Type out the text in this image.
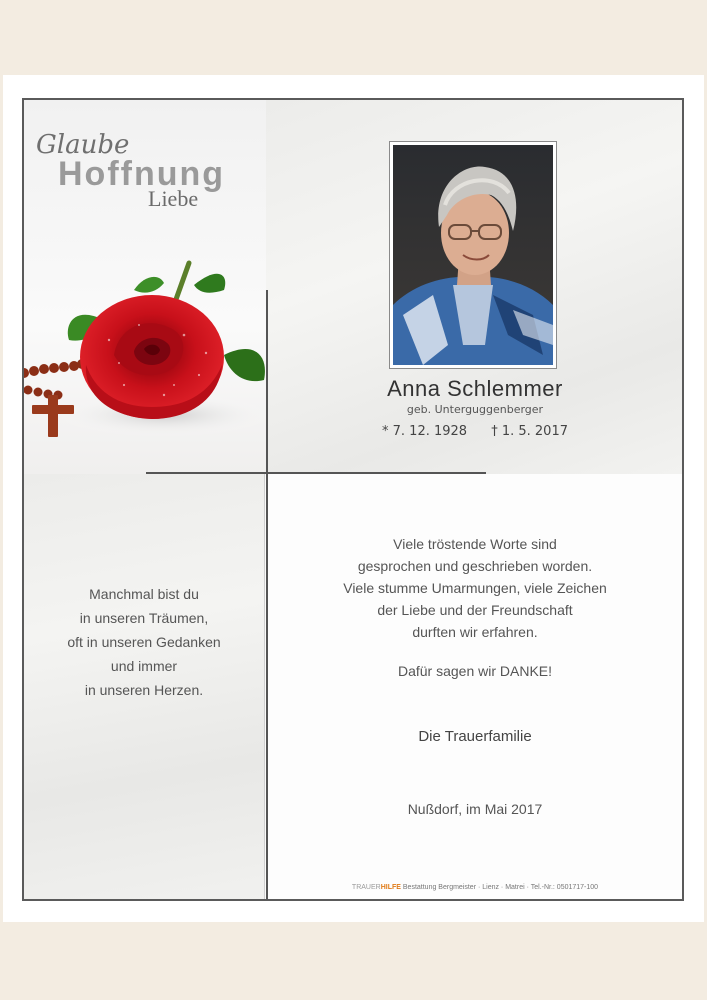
Glaube
Hoffnung
Liebe
Anna Schlemmer
geb. Unterguggenberger
* 7. 12. 1928 † 1. 5. 2017
Manchmal bist du
in unseren Träumen,
oft in unseren Gedanken
und immer
in unseren Herzen.
Viele tröstende Worte sind
gesprochen und geschrieben worden.
Viele stumme Umarmungen, viele Zeichen
der Liebe und der Freundschaft
durften wir erfahren.
Dafür sagen wir DANKE!
Die Trauerfamilie
Nußdorf, im Mai 2017
TRAUERHILFE Bestattung Bergmeister · Lienz · Matrei · Tel.-Nr.: 0501717-100
